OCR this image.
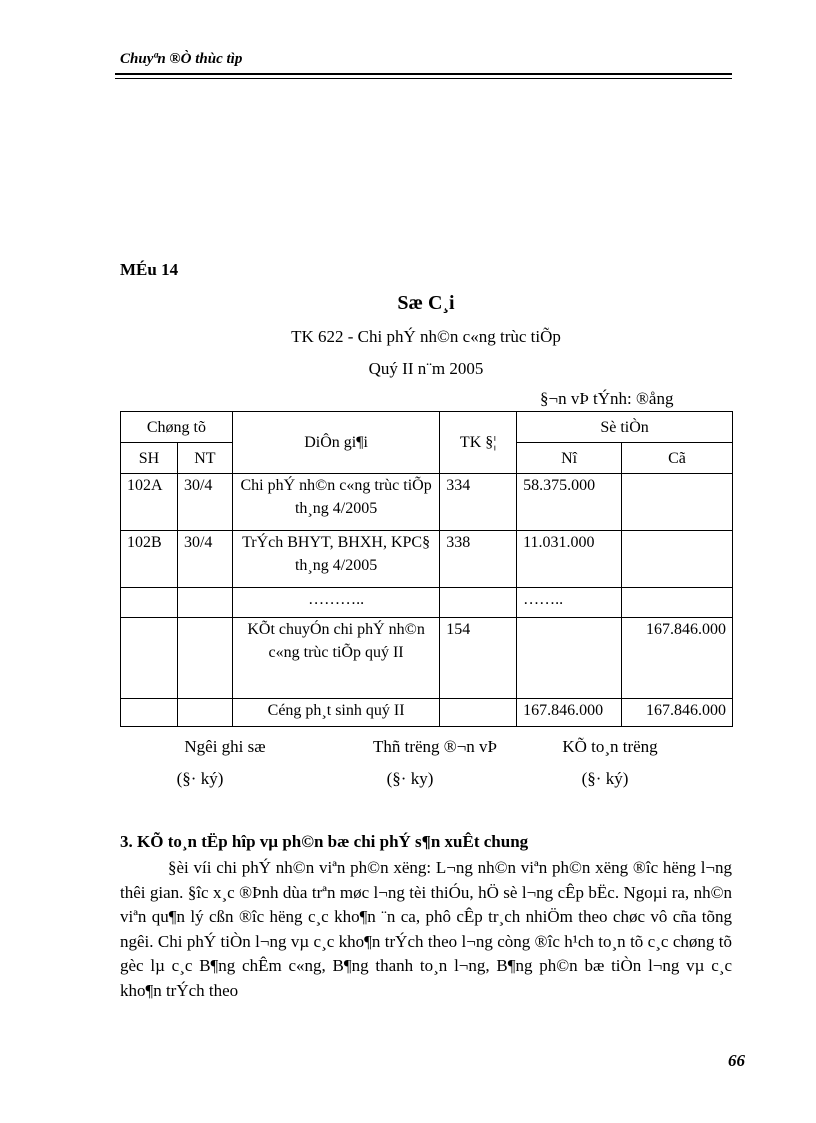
Chuyªn ®Ò thùc tìp
MÉu 14
Sæ C¸i
TK 622 - Chi phÝ nh©n c«ng trùc tiÕp
Quý II n¨m 2005
§¬n vÞ tÝnh: ®ång
Chøng tõ		DiÔn gi¶i	TK §¦	Sè tiÒn	
SH	NT			Nî	Cã
102A	30/4	Chi phÝ nh©n c«ng trùc tiÕp th¸ng 4/2005	334	58.375.000	
102B	30/4	TrÝch BHYT, BHXH, KPC§ th¸ng 4/2005	338	11.031.000	
		………..		……..	
		KÕt chuyÓn chi phÝ nh©n c«ng trùc tiÕp quý II	154		167.846.000
		Céng ph¸t sinh quý II		167.846.000	167.846.000
Ngêi ghi sæ
(§· ký)
Thñ trëng ®¬n vÞ
(§· ky)
KÕ to¸n trëng
(§· ký)
3. KÕ to¸n tËp hîp vµ ph©n bæ chi phÝ s¶n xuÊt chung
§èi víi chi phÝ nh©n viªn ph©n xëng: L¬ng nh©n viªn ph©n xëng ®îc hëng l¬ng thêi gian. §îc x¸c ®Þnh dùa trªn møc l¬ng tèi thiÓu, hÖ sè l¬ng cÊp bËc. Ngoµi ra, nh©n viªn qu¶n lý cßn ®îc hëng c¸c kho¶n ¨n ca, phô cÊp tr¸ch nhiÖm theo chøc vô cña tõng ngêi. Chi phÝ tiÒn l¬ng vµ c¸c kho¶n trÝch theo l¬ng còng ®îc h¹ch to¸n tõ c¸c chøng tõ gèc lµ c¸c B¶ng chÊm c«ng, B¶ng thanh to¸n l¬ng, B¶ng ph©n bæ tiÒn l¬ng vµ c¸c kho¶n trÝch theo
66
